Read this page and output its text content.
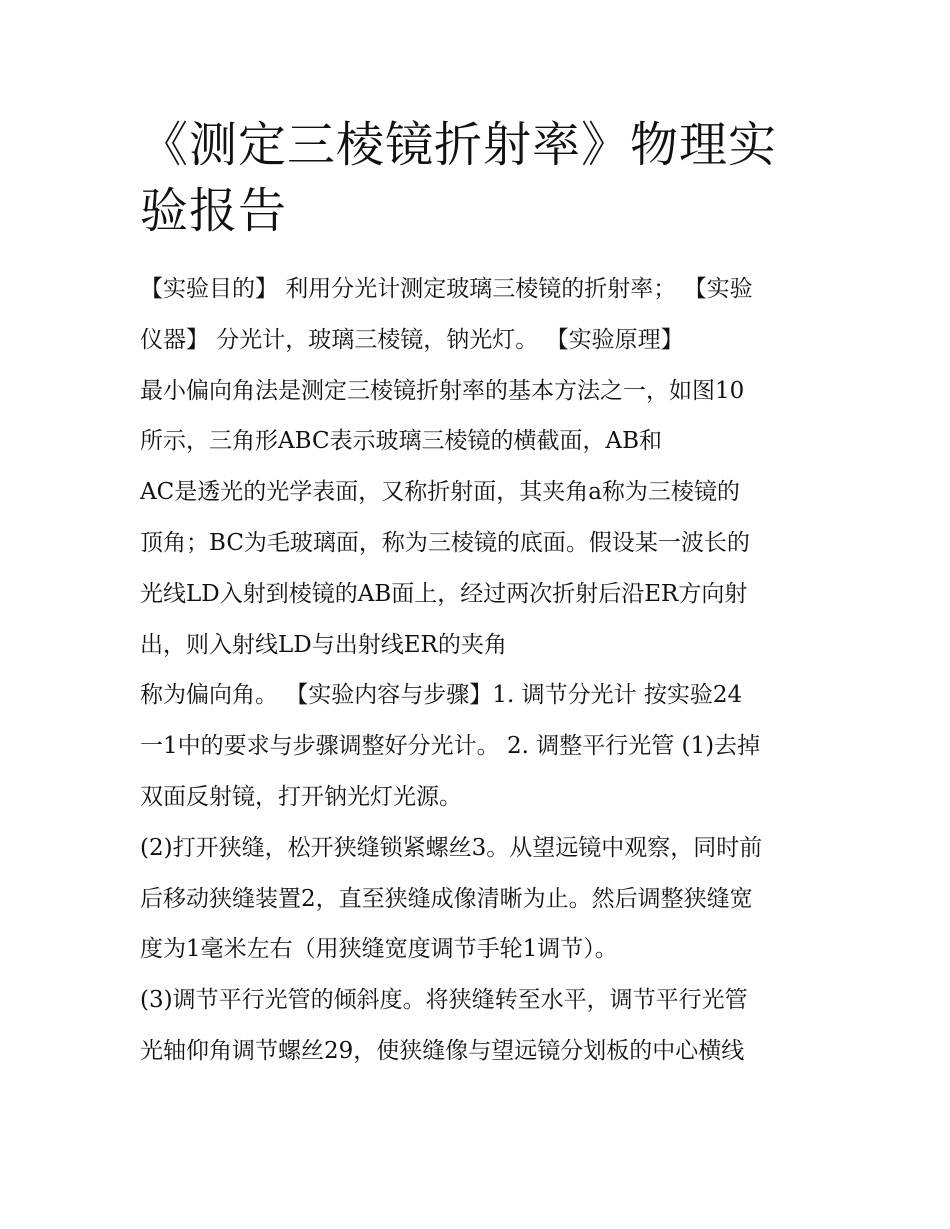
《测定三棱镜折射率》物理实验报告
【实验目的】 利用分光计测定玻璃三棱镜的折射率； 【实验
仪器】 分光计，玻璃三棱镜，钠光灯。 【实验原理】
最小偏向角法是测定三棱镜折射率的基本方法之一，如图10
所示，三角形ABC表示玻璃三棱镜的横截面，AB和
AC是透光的光学表面，又称折射面，其夹角a称为三棱镜的
顶角；BC为毛玻璃面，称为三棱镜的底面。假设某一波长的
光线LD入射到棱镜的AB面上，经过两次折射后沿ER方向射
出，则入射线LD与出射线ER的夹角
称为偏向角。 【实验内容与步骤】1. 调节分光计 按实验24
一1中的要求与步骤调整好分光计。 2. 调整平行光管 (1)去掉
双面反射镜，打开钠光灯光源。
(2)打开狭缝，松开狭缝锁紧螺丝3。从望远镜中观察，同时前
后移动狭缝装置2，直至狭缝成像清晰为止。然后调整狭缝宽
度为1毫米左右（用狭缝宽度调节手轮1调节）。
(3)调节平行光管的倾斜度。将狭缝转至水平，调节平行光管
光轴仰角调节螺丝29，使狭缝像与望远镜分划板的中心横线
